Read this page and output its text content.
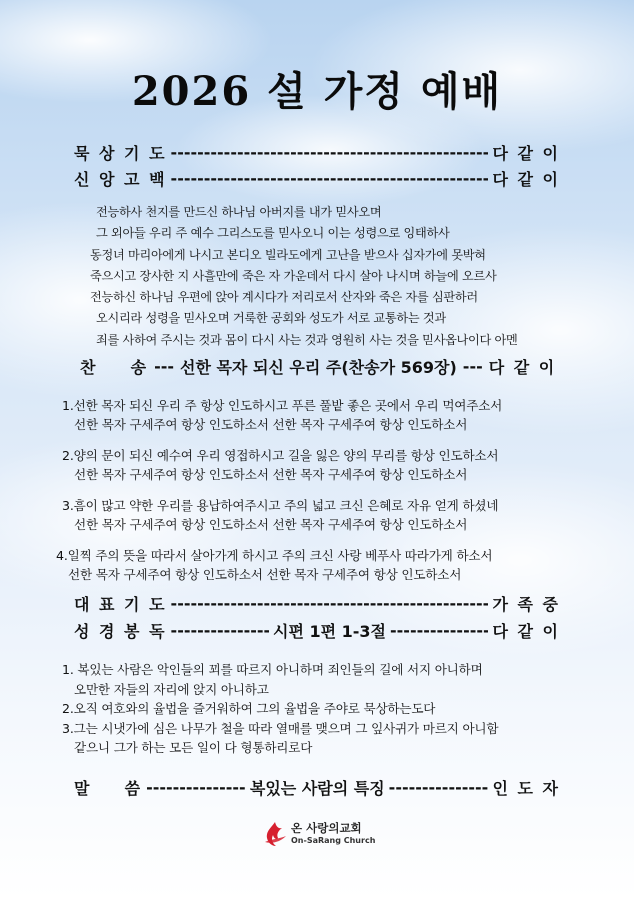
2026 설 가정 예배
묵 상 기 도 -----	다 같 이
신 앙 고 백 -----	다 같 이
전능하사 천지를 만드신 하나님 아버지를 내가 믿사오며
그 외아들 우리 주 예수 그리스도를 믿사오니 이는 성령으로 잉태하사
동정녀 마리아에게 나시고 본디오 빌라도에게 고난을 받으사 십자가에 못박혀
죽으시고 장사한 지 사흘만에 죽은 자 가운데서 다시 살아 나시며 하늘에 오르사
전능하신 하나님 우편에 앉아 계시다가 저리로서 산자와 죽은 자를 심판하러
오시리라 성령을 믿사오며 거룩한 공회와 성도가 서로 교통하는 것과
죄를 사하여 주시는 것과 몸이 다시 사는 것과 영원히 사는 것을 믿사옵나이다 아멘
찬 　 송 --- 선한 목자 되신 우리 주(찬송가 569장) --- 다 같 이
1.선한 목자 되신 우리 주 항상 인도하시고 푸른 풀밭 좋은 곳에서 우리 먹여주소서
선한 목자 구세주여 항상 인도하소서 선한 목자 구세주여 항상 인도하소서
2.양의 문이 되신 예수여 우리 영접하시고 길을 잃은 양의 무리를 항상 인도하소서
선한 목자 구세주여 항상 인도하소서 선한 목자 구세주여 항상 인도하소서
3.흠이 많고 약한 우리를 용납하여주시고 주의 넓고 크신 은혜로 자유 얻게 하셨네
선한 목자 구세주여 항상 인도하소서 선한 목자 구세주여 항상 인도하소서
4.일찍 주의 뜻을 따라서 살아가게 하시고 주의 크신 사랑 베푸사 따라가게 하소서
선한 목자 구세주여 항상 인도하소서 선한 목자 구세주여 항상 인도하소서
대 표 기 도 -----	가 족 중
성 경 봉 독 -----	시편 1편 1-3절 -----	다 같 이
1. 복있는 사람은 악인들의 꾀를 따르지 아니하며 죄인들의 길에 서지 아니하며
오만한 자들의 자리에 앉지 아니하고
2.오직 여호와의 율법을 즐거워하여 그의 율법을 주야로 묵상하는도다
3.그는 시냇가에 심은 나무가 철을 따라 열매를 맺으며 그 잎사귀가 마르지 아니함
같으니 그가 하는 모든 일이 다 형통하리로다
말 　 씀 -----	복있는 사람의 특징 -----	인 도 자
온 사랑의교회
On-SaRang Church
